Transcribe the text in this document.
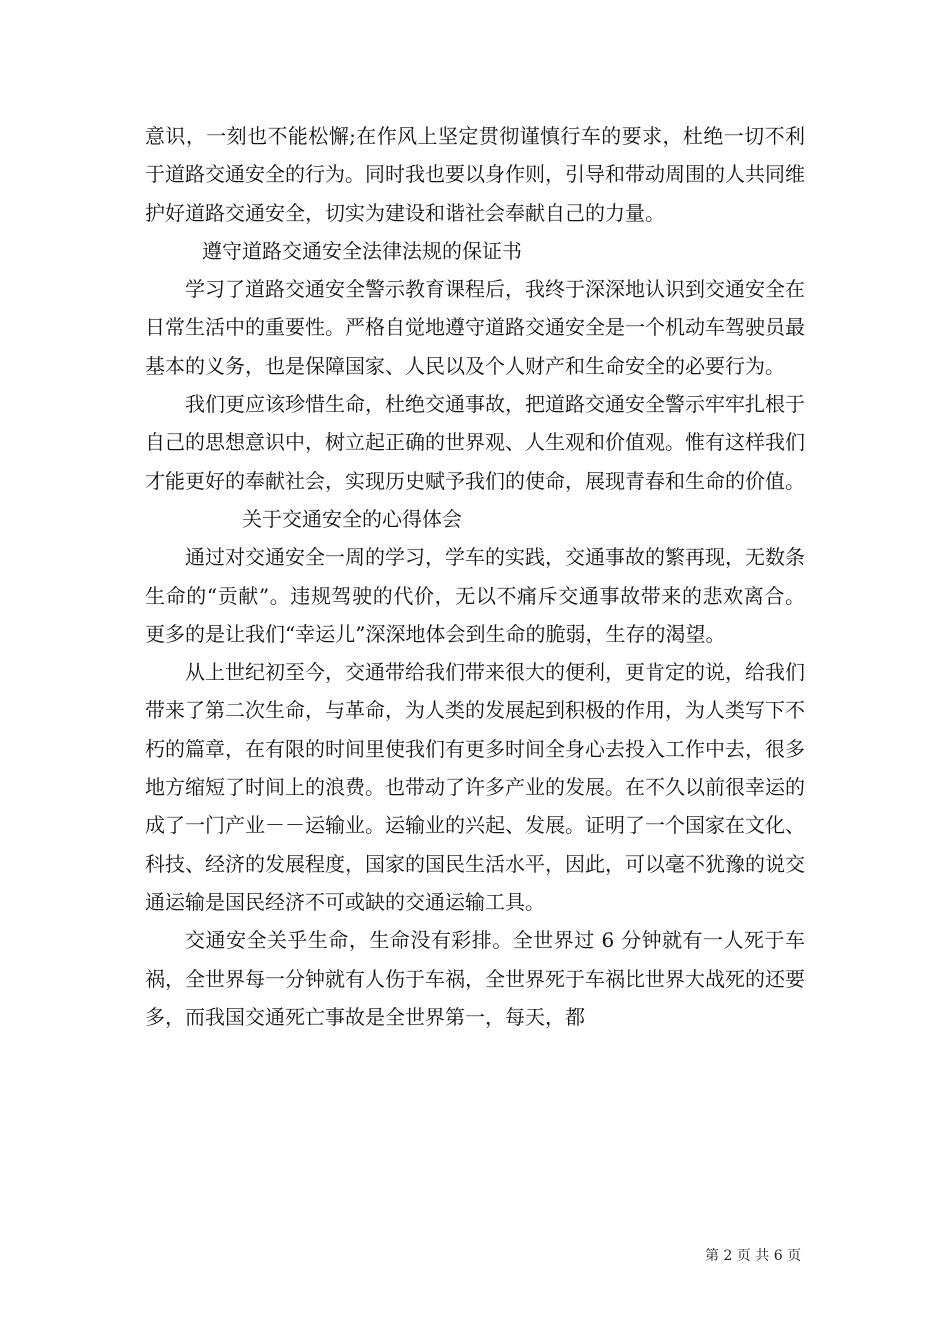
意识，一刻也不能松懈;在作风上坚定贯彻谨慎行车的要求，杜绝一切不利于道路交通安全的行为。同时我也要以身作则，引导和带动周围的人共同维护好道路交通安全，切实为建设和谐社会奉献自己的力量。

遵守道路交通安全法律法规的保证书

学习了道路交通安全警示教育课程后，我终于深深地认识到交通安全在日常生活中的重要性。严格自觉地遵守道路交通安全是一个机动车驾驶员最基本的义务，也是保障国家、人民以及个人财产和生命安全的必要行为。

我们更应该珍惜生命，杜绝交通事故，把道路交通安全警示牢牢扎根于自己的思想意识中，树立起正确的世界观、人生观和价值观。惟有这样我们才能更好的奉献社会，实现历史赋予我们的使命，展现青春和生命的价值。

关于交通安全的心得体会

通过对交通安全一周的学习，学车的实践，交通事故的繁再现，无数条生命的“贡献”。违规驾驶的代价，无以不痛斥交通事故带来的悲欢离合。更多的是让我们“幸运儿”深深地体会到生命的脆弱，生存的渴望。

从上世纪初至今，交通带给我们带来很大的便利，更肯定的说，给我们带来了第二次生命，与革命，为人类的发展起到积极的作用，为人类写下不朽的篇章，在有限的时间里使我们有更多时间全身心去投入工作中去，很多地方缩短了时间上的浪费。也带动了许多产业的发展。在不久以前很幸运的成了一门产业－－运输业。运输业的兴起、发展。证明了一个国家在文化、科技、经济的发展程度，国家的国民生活水平，因此，可以毫不犹豫的说交通运输是国民经济不可或缺的交通运输工具。

交通安全关乎生命，生命没有彩排。全世界过 6 分钟就有一人死于车祸，全世界每一分钟就有人伤于车祸，全世界死于车祸比世界大战死的还要多，而我国交通死亡事故是全世界第一，每天，都

第 2 页 共 6 页
